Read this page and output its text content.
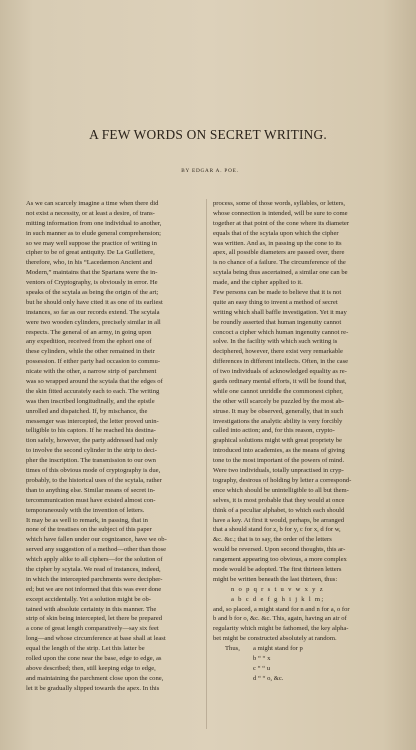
A FEW WORDS ON SECRET WRITING.
BY EDGAR A. POE.
As we can scarcely imagine a time when there did
not exist a necessity, or at least a desire, of trans-
mitting information from one individual to another,
in such manner as to elude general comprehension;
so we may well suppose the practice of writing in
cipher to be of great antiquity. De La Guilletiere,
therefore, who, in his “Lacedæmon Ancient and
Modern,” maintains that the Spartans were the in-
ventors of Cryptography, is obviously in error. He
speaks of the scytala as being the origin of the art;
but he should only have cited it as one of its earliest
instances, so far as our records extend. The scytala
were two wooden cylinders, precisely similar in all
respects. The general of an army, in going upon
any expedition, received from the ephori one of
these cylinders, while the other remained in their
possession. If either party had occasion to commu-
nicate with the other, a narrow strip of parchment
was so wrapped around the scytala that the edges of
the skin fitted accurately each to each. The writing
was then inscribed longitudinally, and the epistle
unrolled and dispatched. If, by mischance, the
messenger was intercepted, the letter proved unin-
telligible to his captors. If he reached his destina-
tion safely, however, the party addressed had only
to involve the second cylinder in the strip to deci-
pher the inscription. The transmission to our own
times of this obvious mode of cryptography is due,
probably, to the historical uses of the scytala, rather
than to anything else. Similar means of secret in-
tercommunication must have existed almost con-
temporaneously with the invention of letters.
It may be as well to remark, in passing, that in
none of the treatises on the subject of this paper
which have fallen under our cognizance, have we ob-
served any suggestion of a method—other than those
which apply alike to all ciphers—for the solution of
the cipher by scytala. We read of instances, indeed,
in which the intercepted parchments were decipher-
ed; but we are not informed that this was ever done
except accidentally. Yet a solution might be ob-
tained with absolute certainty in this manner. The
strip of skin being intercepted, let there be prepared
a cone of great length comparatively—say six feet
long—and whose circumference at base shall at least
equal the length of the strip. Let this latter be
rolled upon the cone near the base, edge to edge, as
above described; then, still keeping edge to edge,
and maintaining the parchment close upon the cone,
let it be gradually slipped towards the apex. In this
process, some of those words, syllables, or letters,
whose connection is intended, will be sure to come
together at that point of the cone where its diameter
equals that of the scytala upon which the cipher
was written. And as, in passing up the cone to its
apex, all possible diameters are passed over, there
is no chance of a failure. The circumference of the
scytala being thus ascertained, a similar one can be
made, and the cipher applied to it.
Few persons can be made to believe that it is not
quite an easy thing to invent a method of secret
writing which shall baffle investigation. Yet it may
be roundly asserted that human ingenuity cannot
concoct a cipher which human ingenuity cannot re-
solve. In the facility with which such writing is
deciphered, however, there exist very remarkable
differences in different intellects. Often, in the case
of two individuals of acknowledged equality as re-
gards ordinary mental efforts, it will be found that,
while one cannot unriddle the commonest cipher,
the other will scarcely be puzzled by the most ab-
struse. It may be observed, generally, that in such
investigations the analytic ability is very forcibly
called into action; and, for this reason, crypto-
graphical solutions might with great propriety be
introduced into academies, as the means of giving
tone to the most important of the powers of mind.
Were two individuals, totally unpractised in cryp-
tography, desirous of holding by letter a correspond-
ence which should be unintelligible to all but them-
selves, it is most probable that they would at once
think of a peculiar alphabet, to which each should
have a key. At first it would, perhaps, be arranged
that a should stand for z, b for y, c for x, d for w,
&c. &c.; that is to say, the order of the letters
would be reversed. Upon second thoughts, this ar-
rangement appearing too obvious, a more complex
mode would be adopted. The first thirteen letters
might be written beneath the last thirteen, thus:
n o p q r s t u v w x y z
a b c d e f g h i j k l m;
and, so placed, a might stand for n and n for a, o for
b and b for o, &c. &c. This, again, having an air of
regularity which might be fathomed, the key alpha-
bet might be constructed absolutely at random.
Thus, a might stand for p
b “ “ x
c “ “ u
d “ “ o, &c.
